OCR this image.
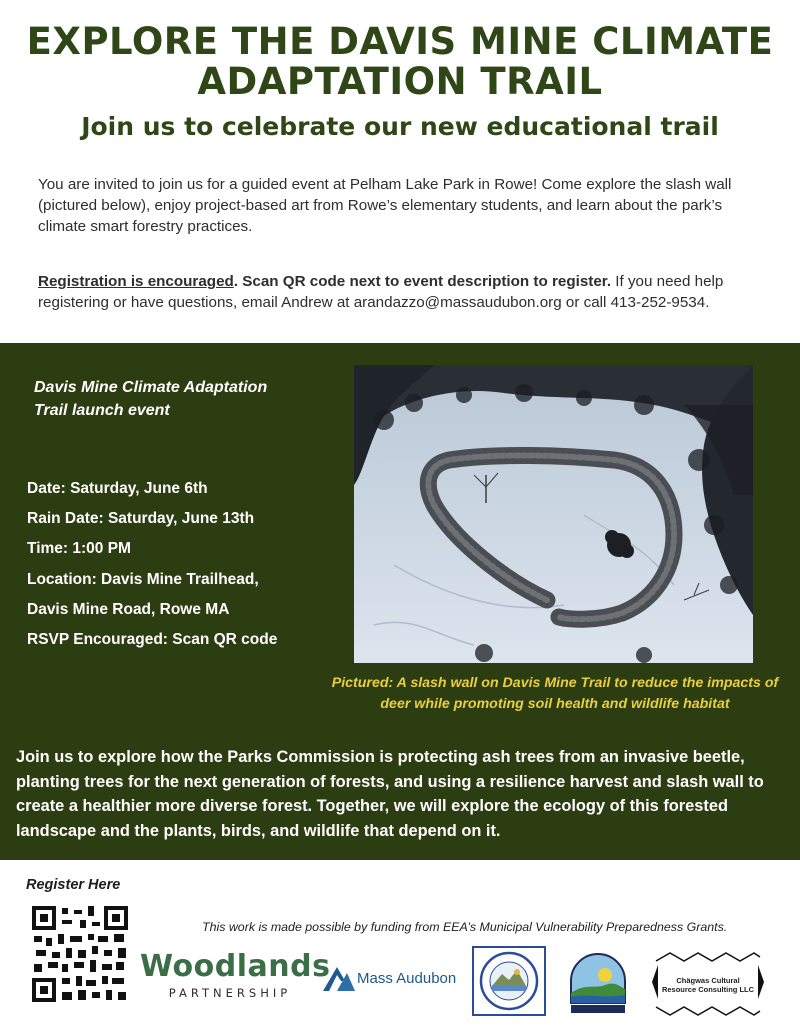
EXPLORE THE DAVIS MINE CLIMATE
ADAPTATION TRAIL
Join us to celebrate our new educational trail

You are invited to join us for a guided event at Pelham Lake Park in Rowe! Come explore the slash wall (pictured below), enjoy project-based art from Rowe’s elementary students, and learn about the park’s climate smart forestry practices.

Registration is encouraged. Scan QR code next to event description to register. If you need help registering or have questions, email Andrew at arandazzo@massaudubon.org or call 413-252-9534.

Davis Mine Climate Adaptation
Trail launch event
Date: Saturday, June 6th
Rain Date: Saturday, June 13th
Time: 1:00 PM
Location: Davis Mine Trailhead,
Davis Mine Road, Rowe MA
RSVP Encouraged: Scan QR code
Pictured: A slash wall on Davis Mine Trail to reduce the impacts of deer while promoting soil health and wildlife habitat

Join us to explore how the Parks Commission is protecting ash trees from an invasive beetle, planting trees for the next generation of forests, and using a resilience harvest and slash wall to create a healthier more diverse forest. Together, we will explore the ecology of this forested landscape and the plants, birds, and wildlife that depend on it.

Register Here
This work is made possible by funding from EEA’s Municipal Vulnerability Preparedness Grants.
Woodlands
PARTNERSHIP
Mass Audubon	Chägwas Cultural
Resource Consulting LLC
